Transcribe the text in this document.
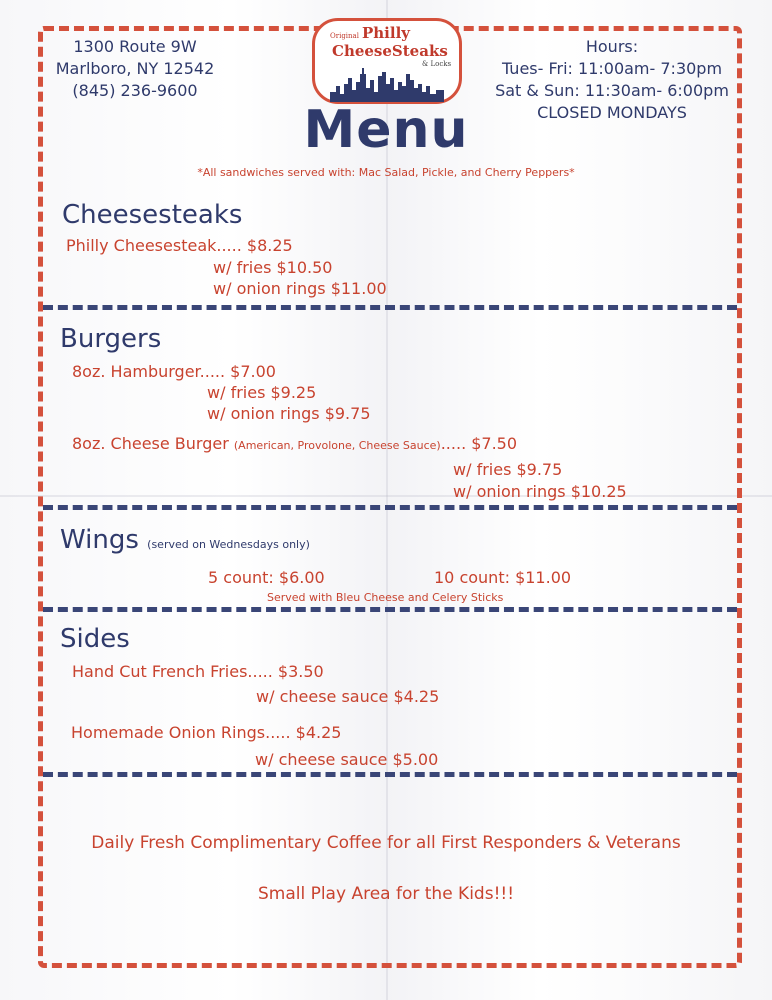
1300 Route 9W
Marlboro, NY 12542
(845) 236-9600
Original Philly
CheeseSteaks
& Locks
Hours:
Tues- Fri: 11:00am- 7:30pm
Sat & Sun: 11:30am- 6:00pm
CLOSED MONDAYS
Menu
*All sandwiches served with: Mac Salad, Pickle, and Cherry Peppers*
Cheesesteaks
Philly Cheesesteak..... $8.25
w/ fries $10.50
w/ onion rings $11.00
Burgers
8oz. Hamburger..... $7.00
w/ fries $9.25
w/ onion rings $9.75
8oz. Cheese Burger (American, Provolone, Cheese Sauce)..... $7.50
w/ fries $9.75
w/ onion rings $10.25
Wings (served on Wednesdays only)
5 count: $6.00	10 count: $11.00
Served with Bleu Cheese and Celery Sticks
Sides
Hand Cut French Fries..... $3.50
w/ cheese sauce $4.25
Homemade Onion Rings..... $4.25
w/ cheese sauce $5.00
Daily Fresh Complimentary Coffee for all First Responders & Veterans
Small Play Area for the Kids!!!
